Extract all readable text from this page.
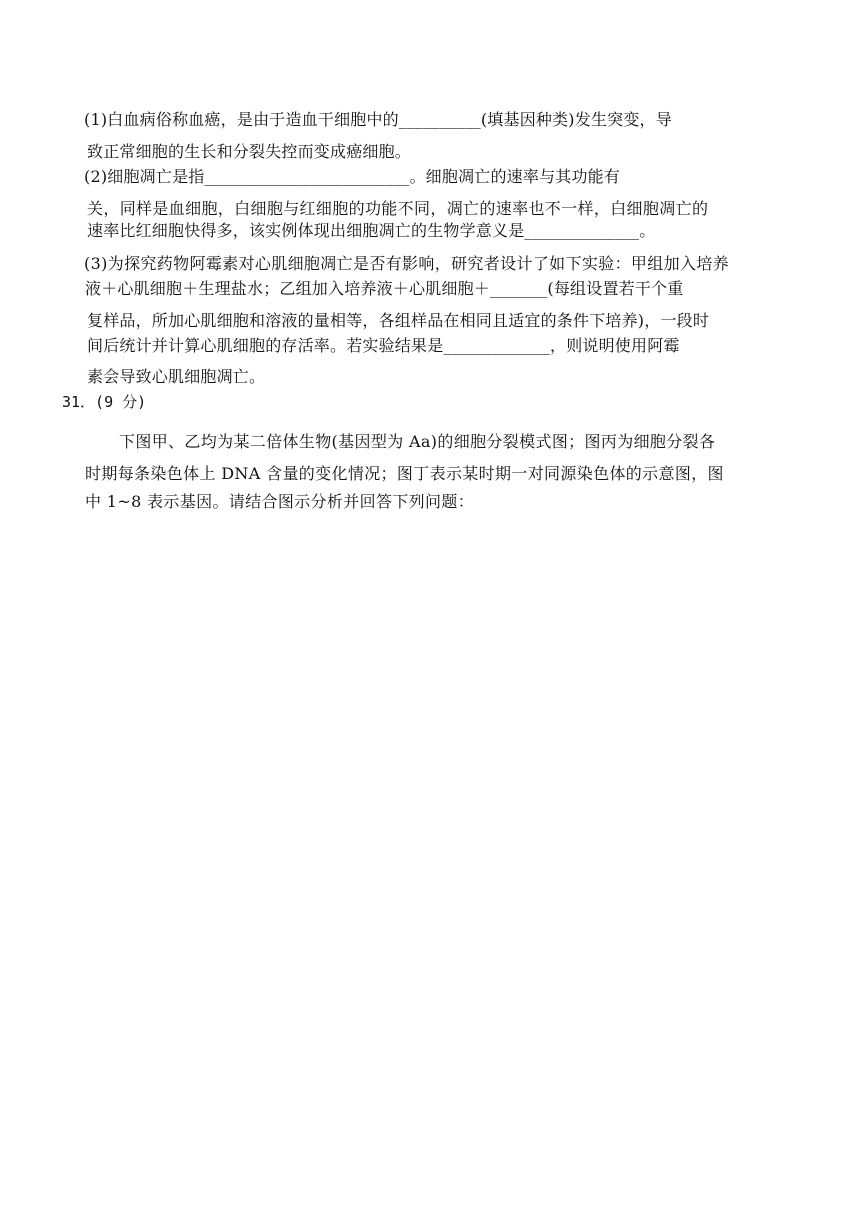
(1)白血病俗称血癌，是由于造血干细胞中的__________(填基因种类)发生突变，导
致正常细胞的生长和分裂失控而变成癌细胞。
(2)细胞凋亡是指_________________________。细胞凋亡的速率与其功能有
关，同样是血细胞，白细胞与红细胞的功能不同，凋亡的速率也不一样，白细胞凋亡的
速率比红细胞快得多，该实例体现出细胞凋亡的生物学意义是______________。
(3)为探究药物阿霉素对心肌细胞凋亡是否有影响，研究者设计了如下实验：甲组加入培养
液＋心肌细胞＋生理盐水；乙组加入培养液＋心肌细胞＋_______(每组设置若干个重
复样品，所加心肌细胞和溶液的量相等，各组样品在相同且适宜的条件下培养)，一段时
间后统计并计算心肌细胞的存活率。若实验结果是_____________，则说明使用阿霉
素会导致心肌细胞凋亡。
31．(9 分)
下图甲、乙均为某二倍体生物(基因型为 Aa)的细胞分裂模式图；图丙为细胞分裂各
时期每条染色体上 DNA 含量的变化情况；图丁表示某时期一对同源染色体的示意图，图
中 1~8 表示基因。请结合图示分析并回答下列问题：
